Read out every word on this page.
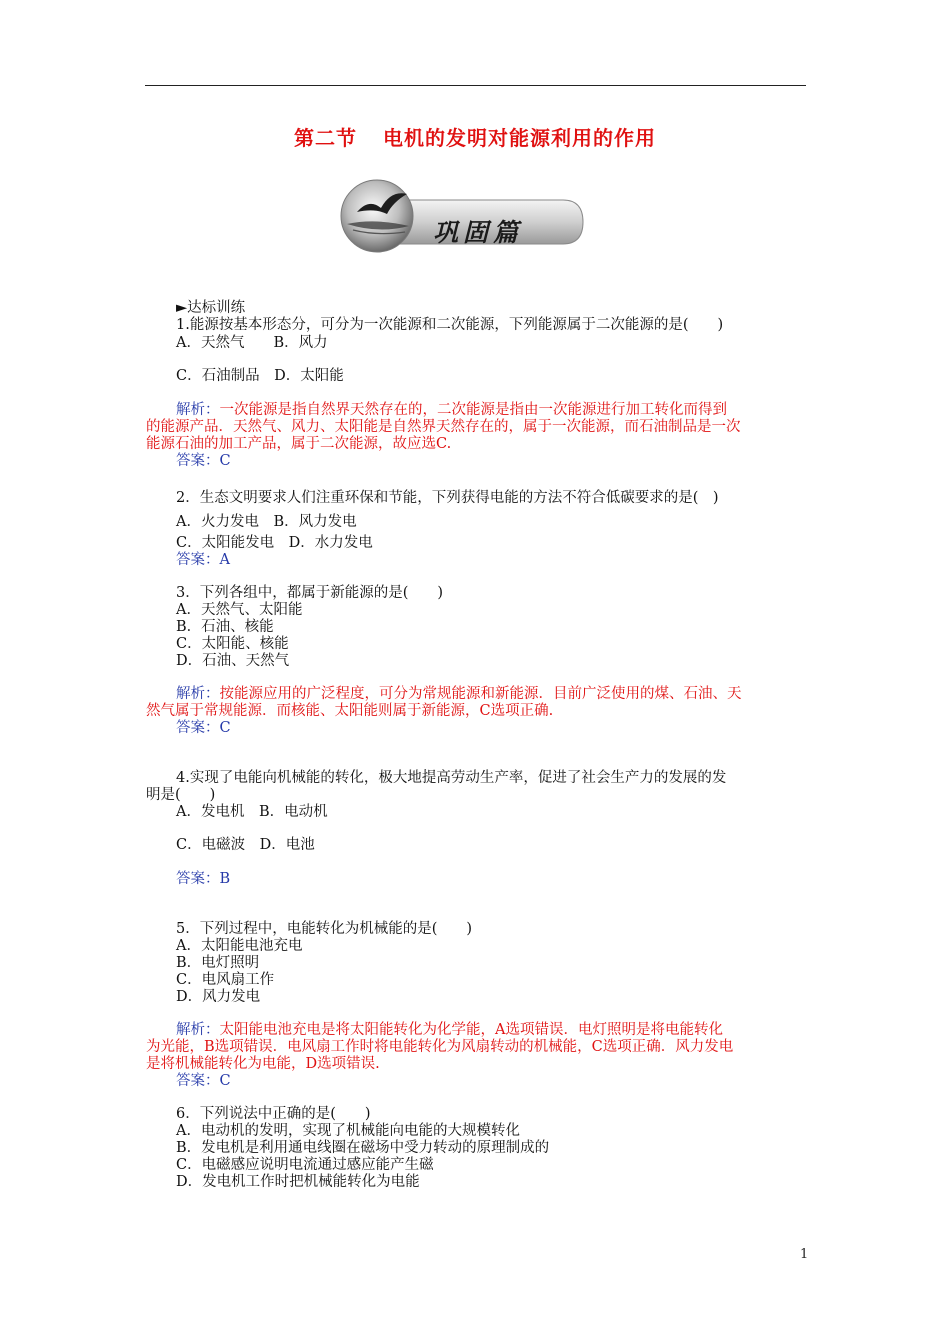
第二节 电机的发明对能源利用的作用
巩固篇
►达标训练
1.能源按基本形态分，可分为一次能源和二次能源，下列能源属于二次能源的是(　　)
A．天然气　　B．风力
C．石油制品　D．太阳能
解析：一次能源是指自然界天然存在的，二次能源是指由一次能源进行加工转化而得到
的能源产品．天然气、风力、太阳能是自然界天然存在的，属于一次能源，而石油制品是一次
能源石油的加工产品，属于二次能源，故应选C.
答案：C
2．生态文明要求人们注重环保和节能，下列获得电能的方法不符合低碳要求的是(　)
A．火力发电　B．风力发电
C．太阳能发电　D．水力发电
答案：A
3．下列各组中，都属于新能源的是(　　)
A．天然气、太阳能
B．石油、核能
C．太阳能、核能
D．石油、天然气
解析：按能源应用的广泛程度，可分为常规能源和新能源．目前广泛使用的煤、石油、天
然气属于常规能源．而核能、太阳能则属于新能源，C选项正确.
答案：C
4.实现了电能向机械能的转化，极大地提高劳动生产率，促进了社会生产力的发展的发
明是(　　)
A．发电机　B．电动机
C．电磁波　D．电池
答案：B
5．下列过程中，电能转化为机械能的是(　　)
A．太阳能电池充电
B．电灯照明
C．电风扇工作
D．风力发电
解析：太阳能电池充电是将太阳能转化为化学能，A选项错误．电灯照明是将电能转化
为光能，B选项错误．电风扇工作时将电能转化为风扇转动的机械能，C选项正确．风力发电
是将机械能转化为电能，D选项错误.
答案：C
6．下列说法中正确的是(　　)
A．电动机的发明，实现了机械能向电能的大规模转化
B．发电机是利用通电线圈在磁场中受力转动的原理制成的
C．电磁感应说明电流通过感应能产生磁
D．发电机工作时把机械能转化为电能
1
